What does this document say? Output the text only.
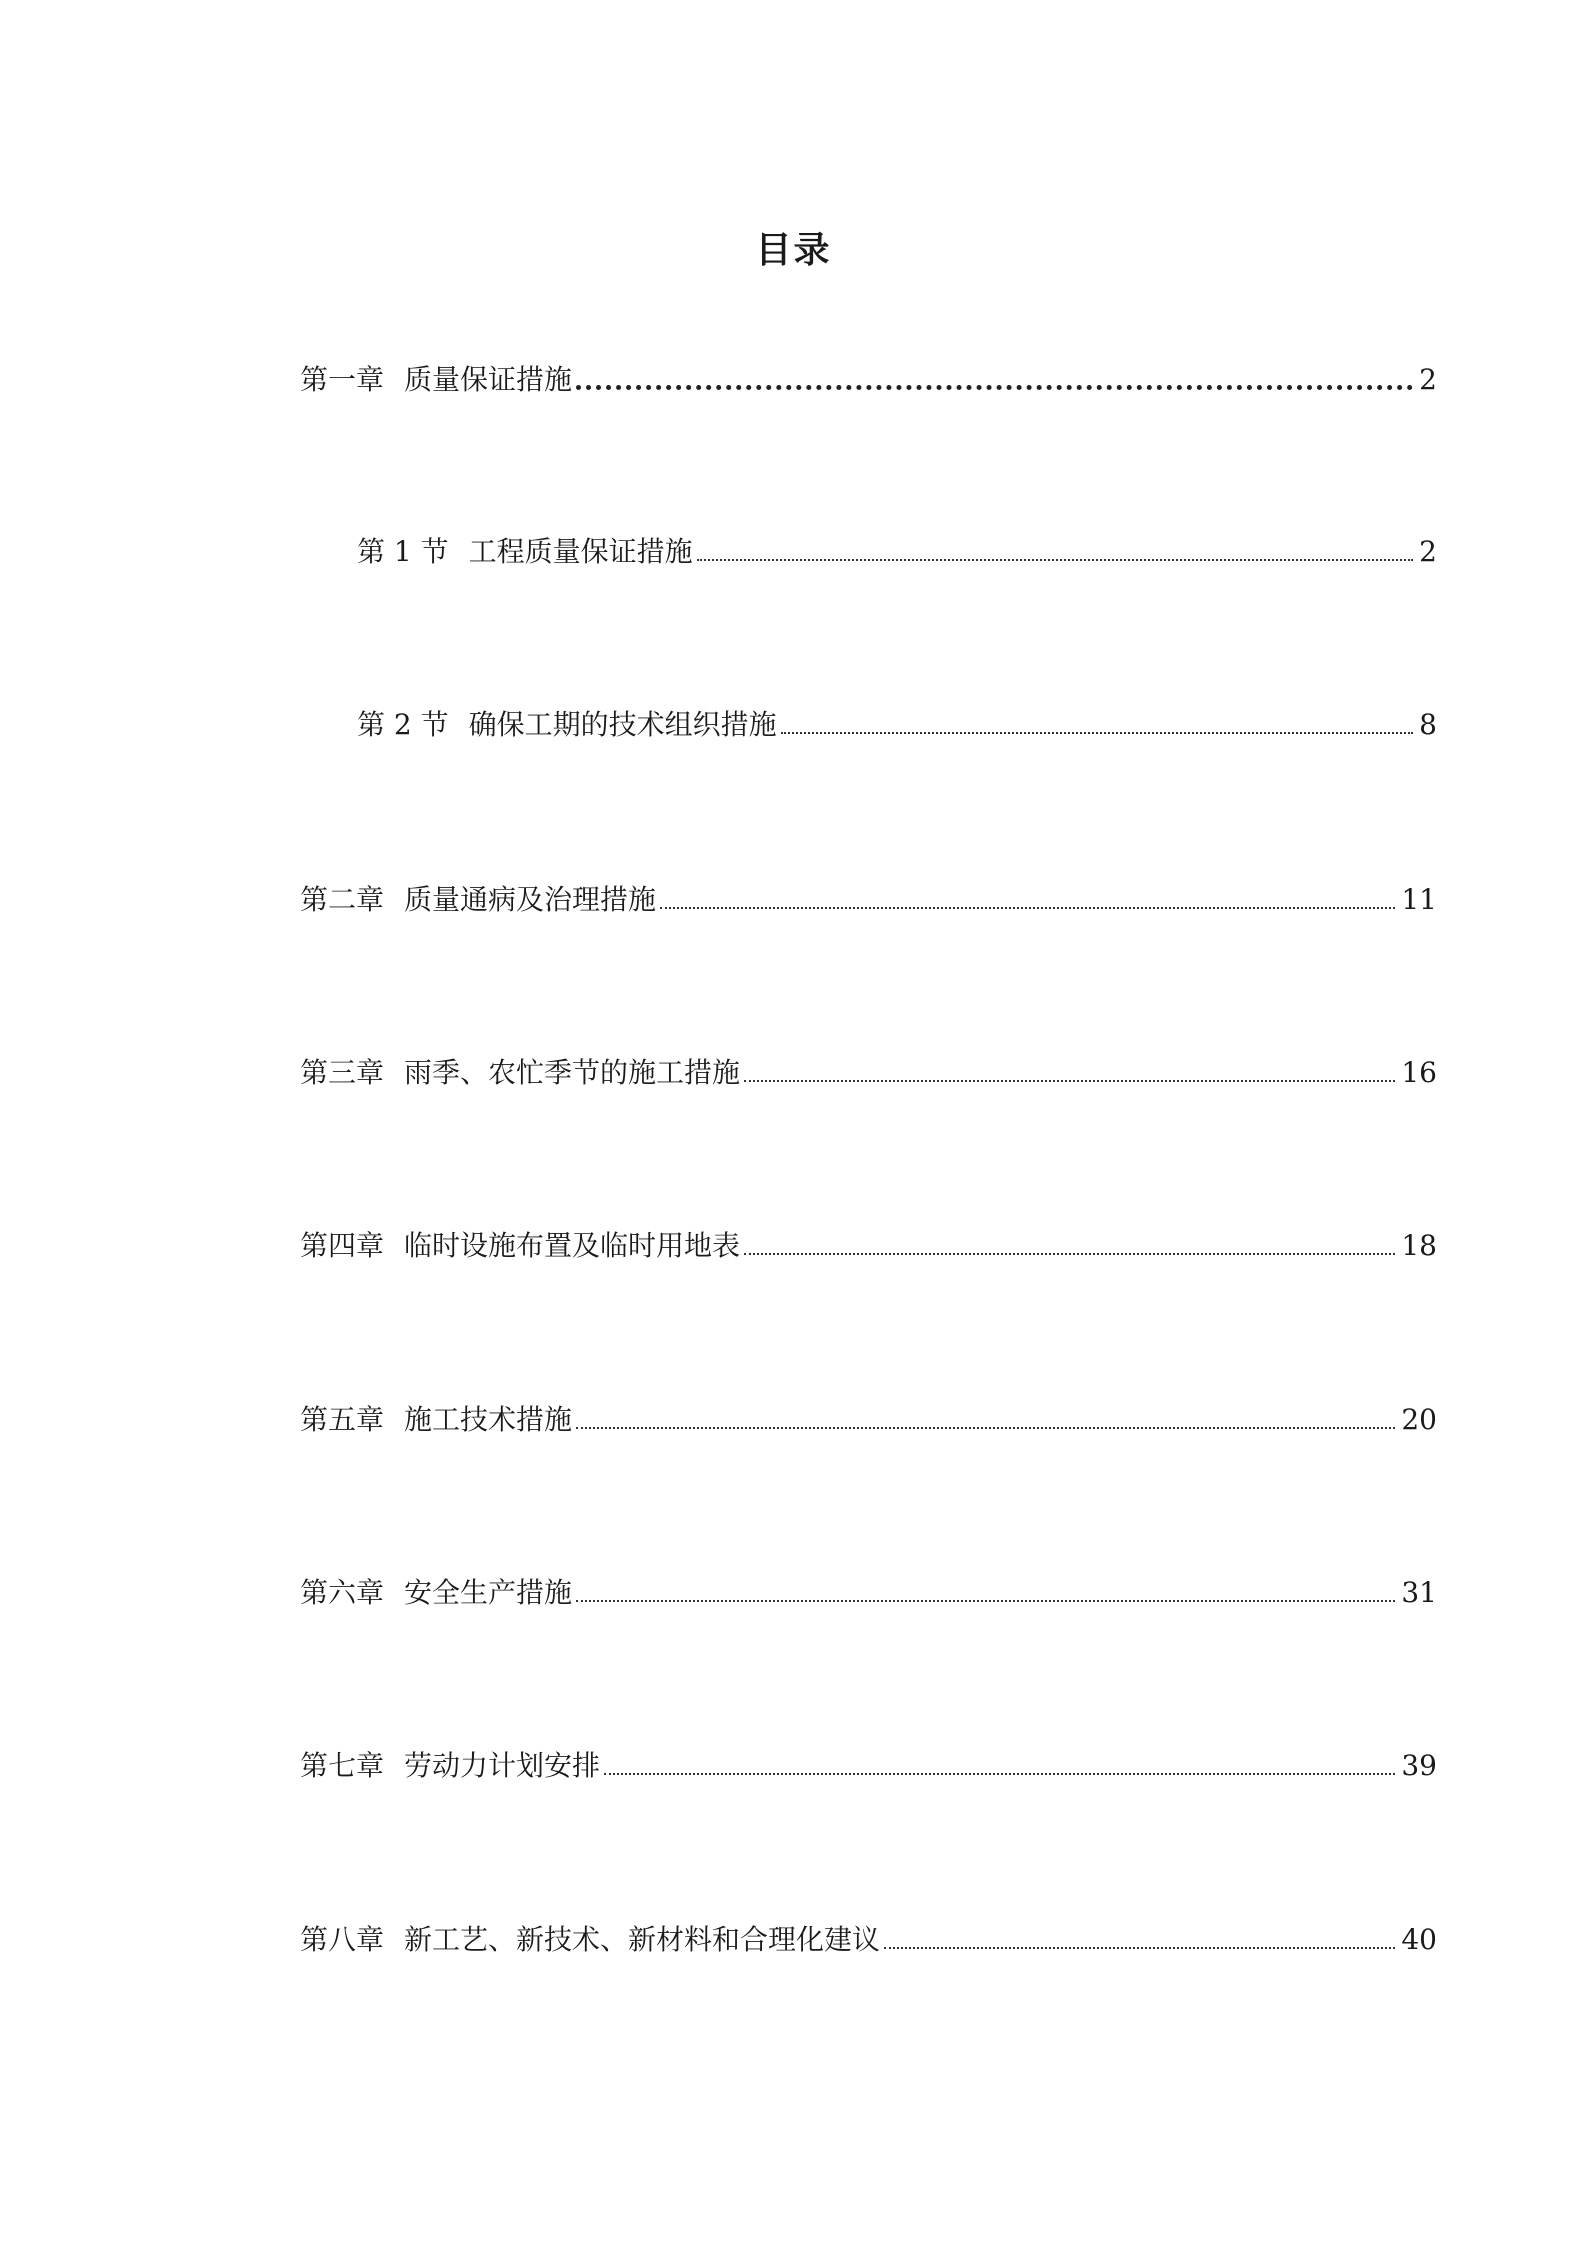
目录
第一章 质量保证措施	2
第 1 节 工程质量保证措施	2
第 2 节 确保工期的技术组织措施	8
第二章 质量通病及治理措施	11
第三章 雨季、农忙季节的施工措施	16
第四章 临时设施布置及临时用地表	18
第五章 施工技术措施	20
第六章 安全生产措施	31
第七章 劳动力计划安排	39
第八章 新工艺、新技术、新材料和合理化建议	40
